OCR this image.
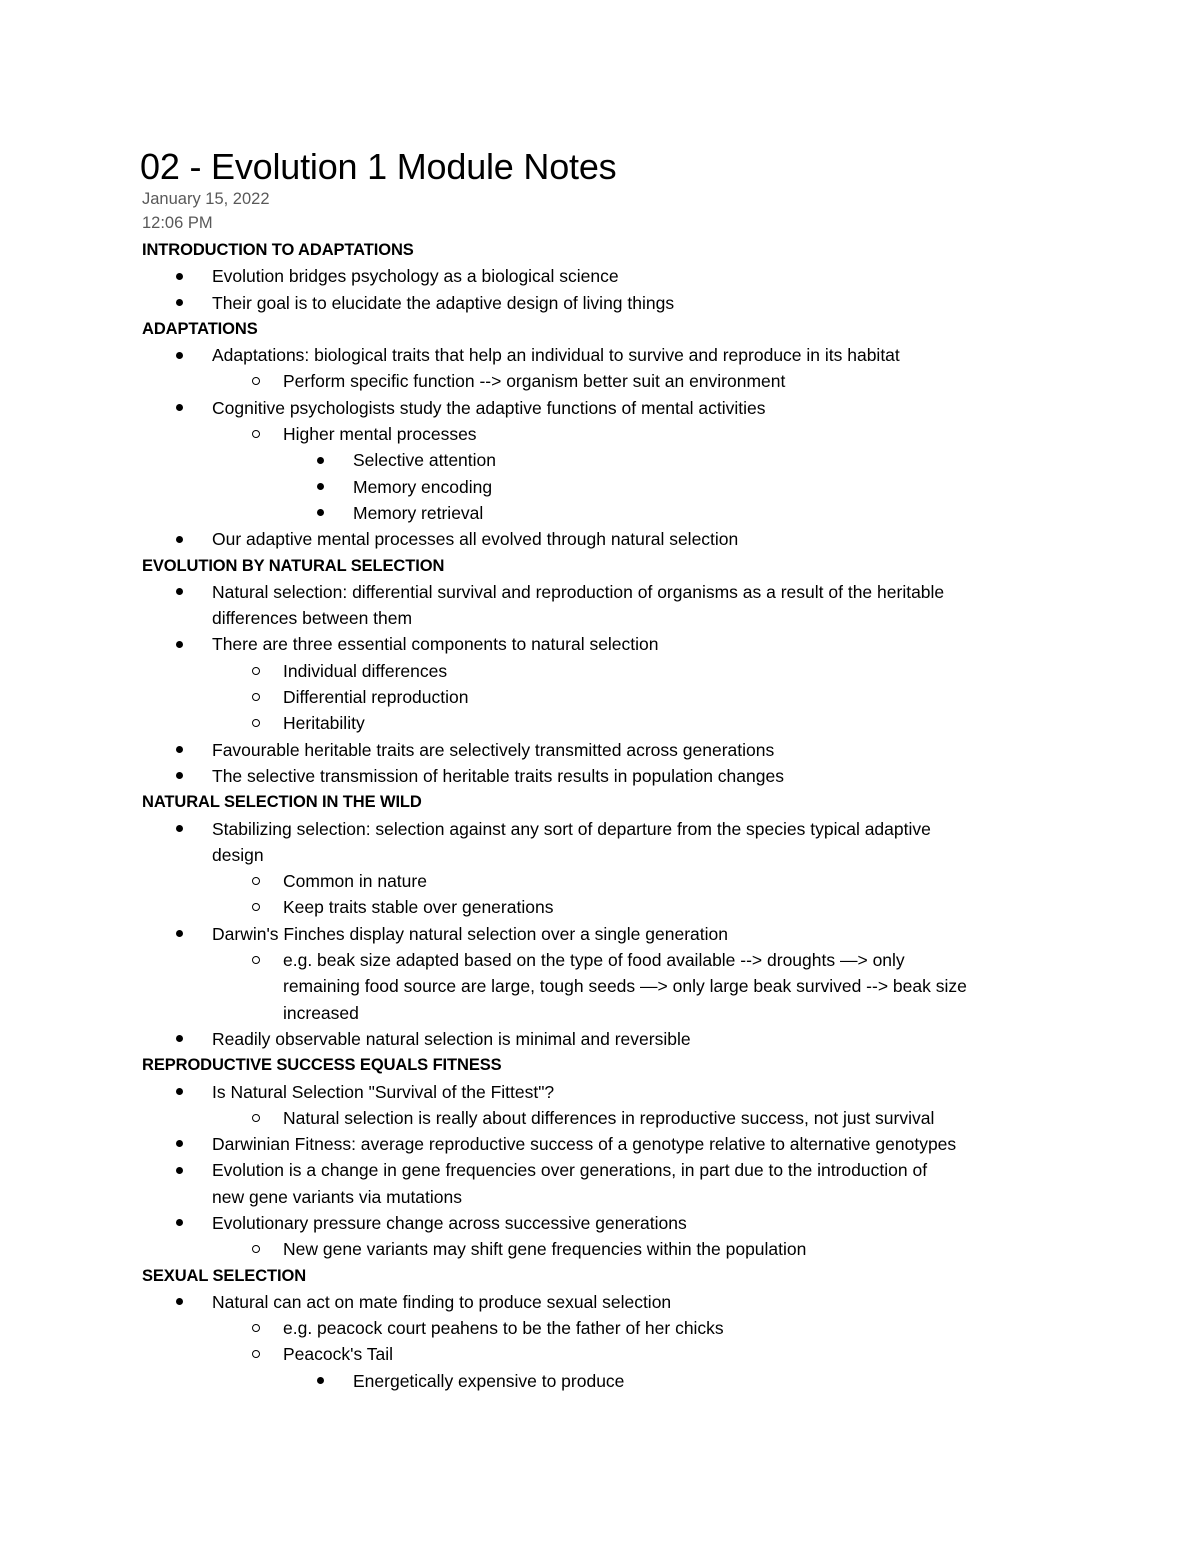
02 - Evolution 1 Module Notes
January 15, 2022
12:06 PM
INTRODUCTION TO ADAPTATIONS
Evolution bridges psychology as a biological science
Their goal is to elucidate the adaptive design of living things
ADAPTATIONS
Adaptations: biological traits that help an individual to survive and reproduce in its habitat
Perform specific function --> organism better suit an environment
Cognitive psychologists study the adaptive functions of mental activities
Higher mental processes
Selective attention
Memory encoding
Memory retrieval
Our adaptive mental processes all evolved through natural selection
EVOLUTION BY NATURAL SELECTION
Natural selection: differential survival and reproduction of organisms as a result of the heritable
differences between them
There are three essential components to natural selection
Individual differences
Differential reproduction
Heritability
Favourable heritable traits are selectively transmitted across generations
The selective transmission of heritable traits results in population changes
NATURAL SELECTION IN THE WILD
Stabilizing selection: selection against any sort of departure from the species typical adaptive
design
Common in nature
Keep traits stable over generations
Darwin's Finches display natural selection over a single generation
e.g. beak size adapted based on the type of food available --> droughts —> only
remaining food source are large, tough seeds —> only large beak survived --> beak size
increased
Readily observable natural selection is minimal and reversible
REPRODUCTIVE SUCCESS EQUALS FITNESS
Is Natural Selection "Survival of the Fittest"?
Natural selection is really about differences in reproductive success, not just survival
Darwinian Fitness: average reproductive success of a genotype relative to alternative genotypes
Evolution is a change in gene frequencies over generations, in part due to the introduction of
new gene variants via mutations
Evolutionary pressure change across successive generations
New gene variants may shift gene frequencies within the population
SEXUAL SELECTION
Natural can act on mate finding to produce sexual selection
e.g. peacock court peahens to be the father of her chicks
Peacock's Tail
Energetically expensive to produce
